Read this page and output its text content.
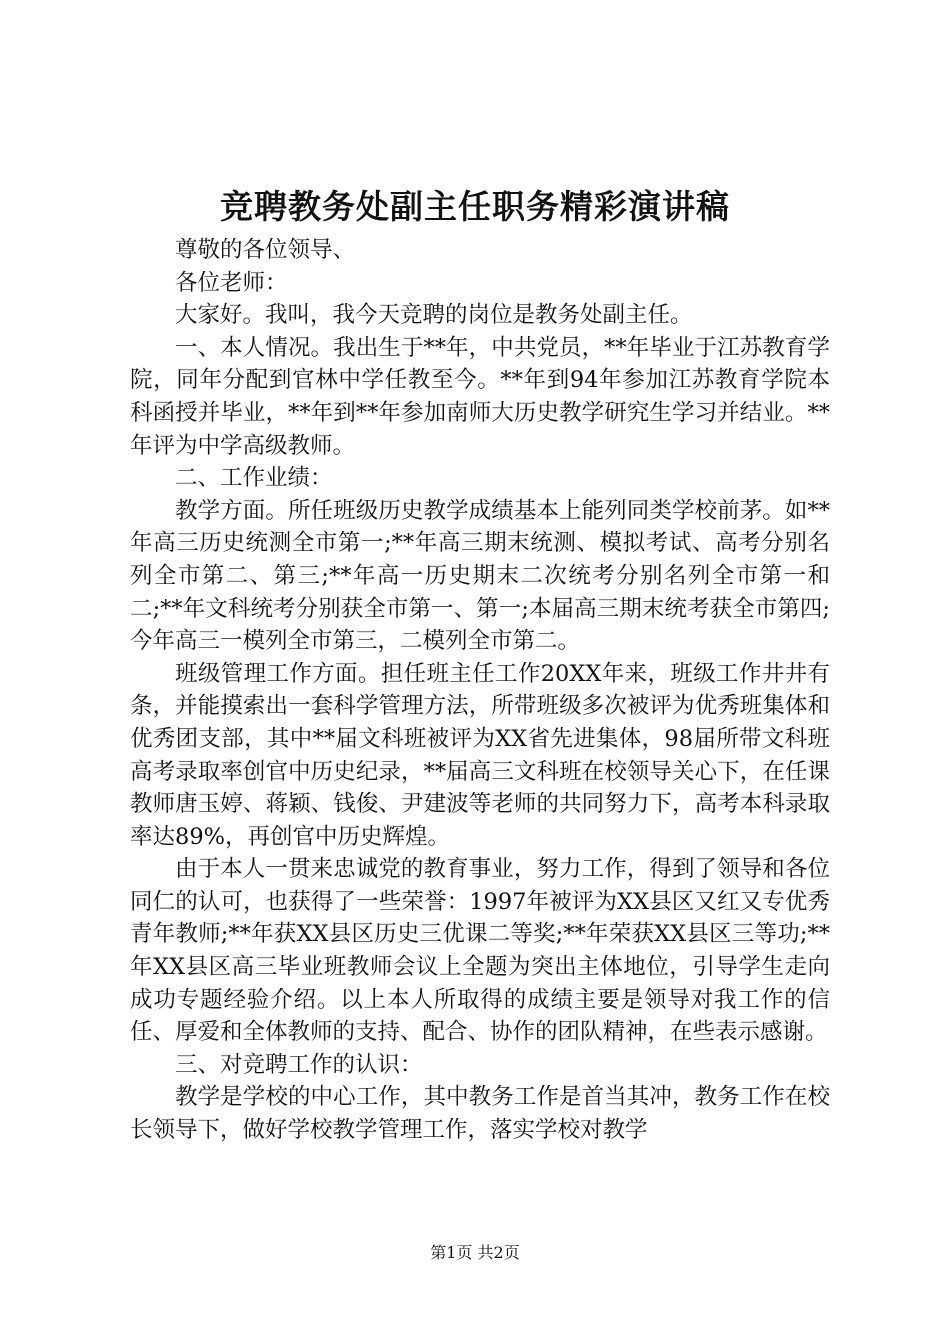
竞聘教务处副主任职务精彩演讲稿

尊敬的各位领导、

各位老师：

大家好。我叫，我今天竞聘的岗位是教务处副主任。

一、本人情况。我出生于**年，中共党员，**年毕业于江苏教育学院，同年分配到官林中学任教至今。**年到94年参加江苏教育学院本科函授并毕业，**年到**年参加南师大历史教学研究生学习并结业。**年评为中学高级教师。

二、工作业绩：

教学方面。所任班级历史教学成绩基本上能列同类学校前茅。如**年高三历史统测全市第一;**年高三期末统测、模拟考试、高考分别名列全市第二、第三;**年高一历史期末二次统考分别名列全市第一和二;**年文科统考分别获全市第一、第一;本届高三期末统考获全市第四;今年高三一模列全市第三，二模列全市第二。

班级管理工作方面。担任班主任工作20XX年来，班级工作井井有条，并能摸索出一套科学管理方法，所带班级多次被评为优秀班集体和优秀团支部，其中**届文科班被评为XX省先进集体，98届所带文科班高考录取率创官中历史纪录，**届高三文科班在校领导关心下，在任课教师唐玉婷、蒋颖、钱俊、尹建波等老师的共同努力下，高考本科录取率达89%，再创官中历史辉煌。

由于本人一贯来忠诚党的教育事业，努力工作，得到了领导和各位同仁的认可，也获得了一些荣誉：1997年被评为XX县区又红又专优秀青年教师;**年获XX县区历史三优课二等奖;**年荣获XX县区三等功;**年XX县区高三毕业班教师会议上全题为突出主体地位，引导学生走向成功专题经验介绍。以上本人所取得的成绩主要是领导对我工作的信任、厚爱和全体教师的支持、配合、协作的团队精神，在些表示感谢。

三、对竞聘工作的认识：

教学是学校的中心工作，其中教务工作是首当其冲，教务工作在校长领导下，做好学校教学管理工作，落实学校对教学

第1页 共2页
